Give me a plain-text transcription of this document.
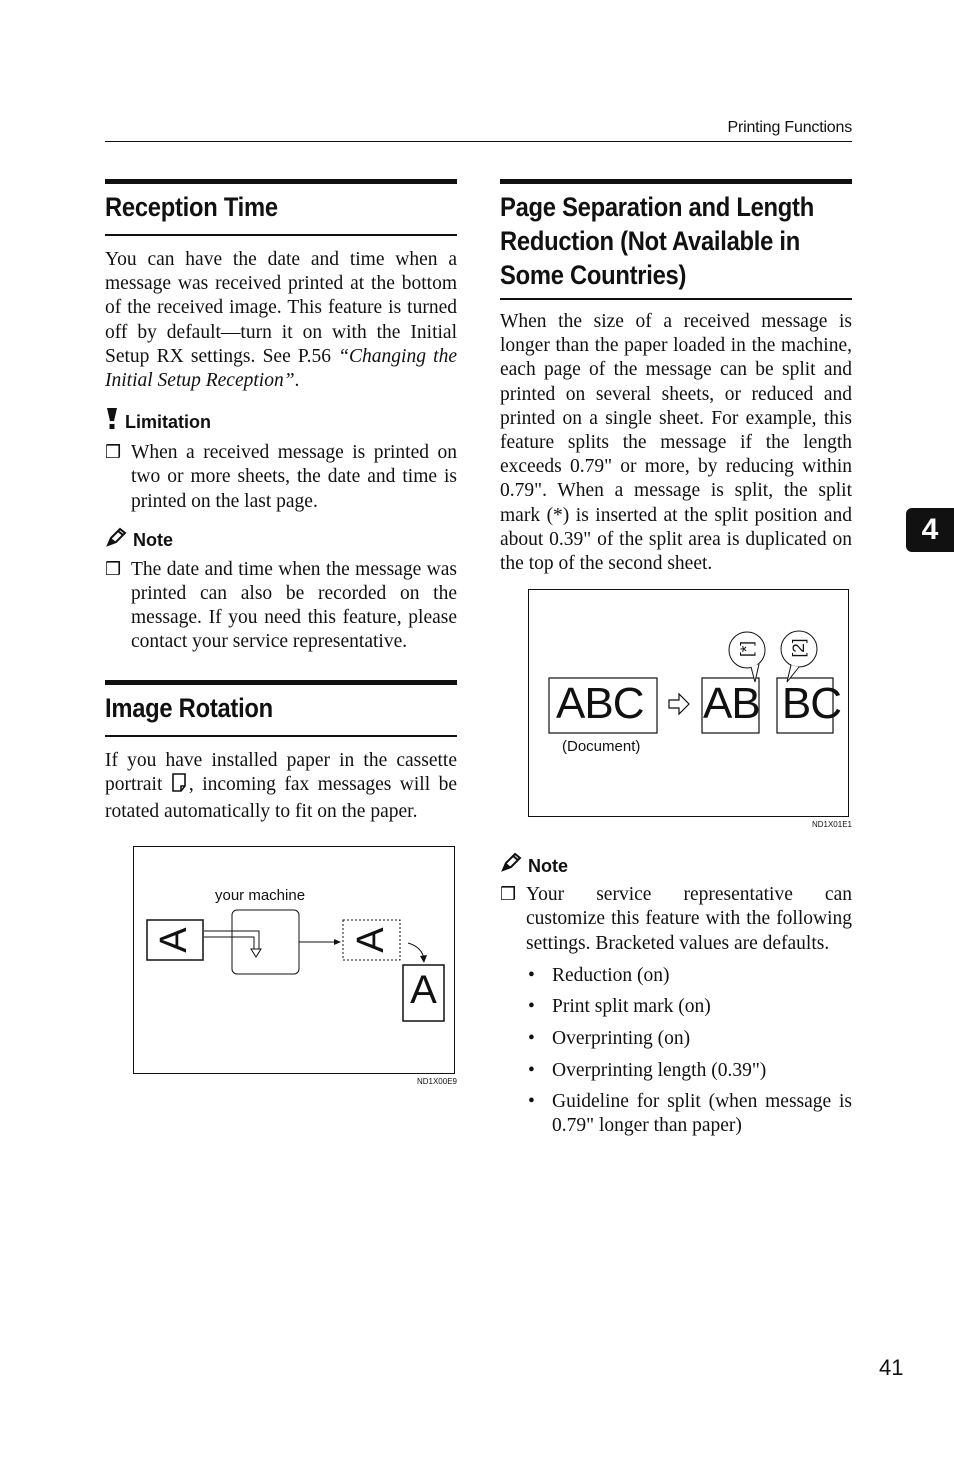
Printing Functions
Reception Time

You can have the date and time when a message was received printed at the bottom of the received image. This feature is turned off by default—turn it on with the Initial Setup RX settings. See P.56 “Changing the Initial Setup Reception”.

Limitation
❒ When a received message is printed on two or more sheets, the date and time is printed on the last page.
Note
❒ The date and time when the message was printed can also be recorded on the message. If you need this feature, please contact your service representative.
Image Rotation

If you have installed paper in the cassette portrait , incoming fax messages will be rotated automatically to fit on the paper.

your machine
A	A
A
ND1X00E9
Page Separation and Length
Reduction (Not Available in
Some Countries)

When the size of a received message is longer than the paper loaded in the machine, each page of the message can be split and printed on several sheets, or reduced and printed on a single sheet. For example, this feature splits the message if the length exceeds 0.79" or more, by reducing within 0.79". When a message is split, the split mark (*) is inserted at the split position and about 0.39" of the split area is duplicated on the top of the second sheet.

ABC AB BC
[*] [2]
(Document)
ND1X01E1
Note
❒ Your service representative can customize this feature with the following settings. Bracketed values are defaults.
• Reduction (on)
• Print split mark (on)
• Overprinting (on)
• Overprinting length (0.39")
• Guideline for split (when message is 0.79" longer than paper)
4
41
